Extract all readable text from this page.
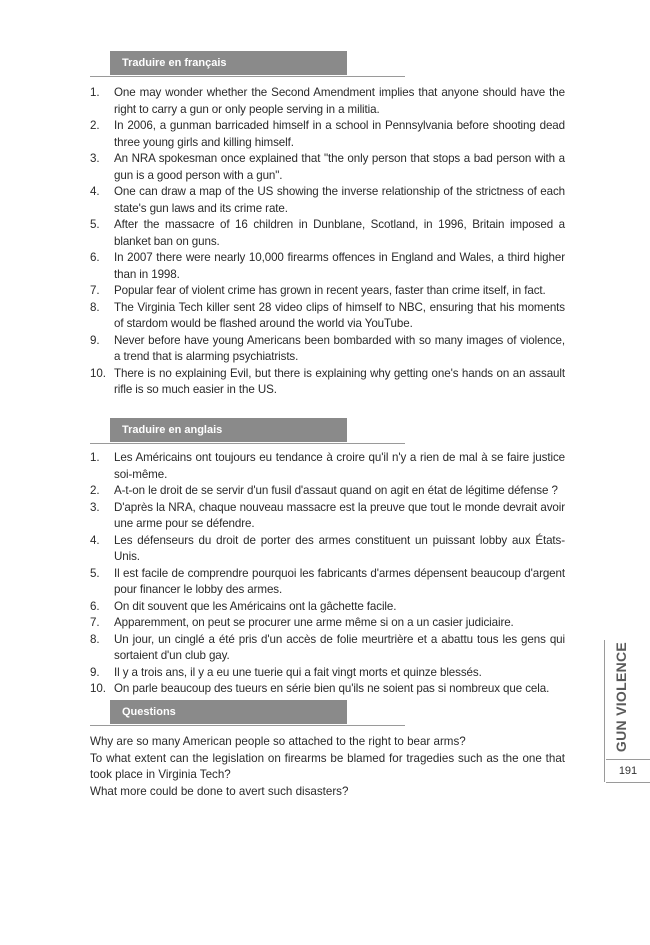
Traduire en français
1.	One may wonder whether the Second Amendment implies that anyone should have the right to carry a gun or only people serving in a militia.
2.	In 2006, a gunman barricaded himself in a school in Pennsylvania before shooting dead three young girls and killing himself.
3.	An NRA spokesman once explained that "the only person that stops a bad person with a gun is a good person with a gun".
4.	One can draw a map of the US showing the inverse relationship of the strictness of each state's gun laws and its crime rate.
5.	After the massacre of 16 children in Dunblane, Scotland, in 1996, Britain imposed a blanket ban on guns.
6.	In 2007 there were nearly 10,000 firearms offences in England and Wales, a third higher than in 1998.
7.	Popular fear of violent crime has grown in recent years, faster than crime itself, in fact.
8.	The Virginia Tech killer sent 28 video clips of himself to NBC, ensuring that his moments of stardom would be flashed around the world via YouTube.
9.	Never before have young Americans been bombarded with so many images of violence, a trend that is alarming psychiatrists.
10. There is no explaining Evil, but there is explaining why getting one's hands on an assault rifle is so much easier in the US.
Traduire en anglais
1.	Les Américains ont toujours eu tendance à croire qu'il n'y a rien de mal à se faire justice soi-même.
2.	A-t-on le droit de se servir d'un fusil d'assaut quand on agit en état de légitime défense ?
3.	D'après la NRA, chaque nouveau massacre est la preuve que tout le monde devrait avoir une arme pour se défendre.
4.	Les défenseurs du droit de porter des armes constituent un puissant lobby aux États-Unis.
5.	Il est facile de comprendre pourquoi les fabricants d'armes dépensent beaucoup d'argent pour financer le lobby des armes.
6.	On dit souvent que les Américains ont la gâchette facile.
7.	Apparemment, on peut se procurer une arme même si on a un casier judiciaire.
8.	Un jour, un cinglé a été pris d'un accès de folie meurtrière et a abattu tous les gens qui sortaient d'un club gay.
9.	Il y a trois ans, il y a eu une tuerie qui a fait vingt morts et quinze blessés.
10. On parle beaucoup des tueurs en série bien qu'ils ne soient pas si nombreux que cela.
Questions

Why are so many American people so attached to the right to bear arms?

To what extent can the legislation on firearms be blamed for tragedies such as the one that took place in Virginia Tech?

What more could be done to avert such disasters?

GUN VIOLENCE
191
